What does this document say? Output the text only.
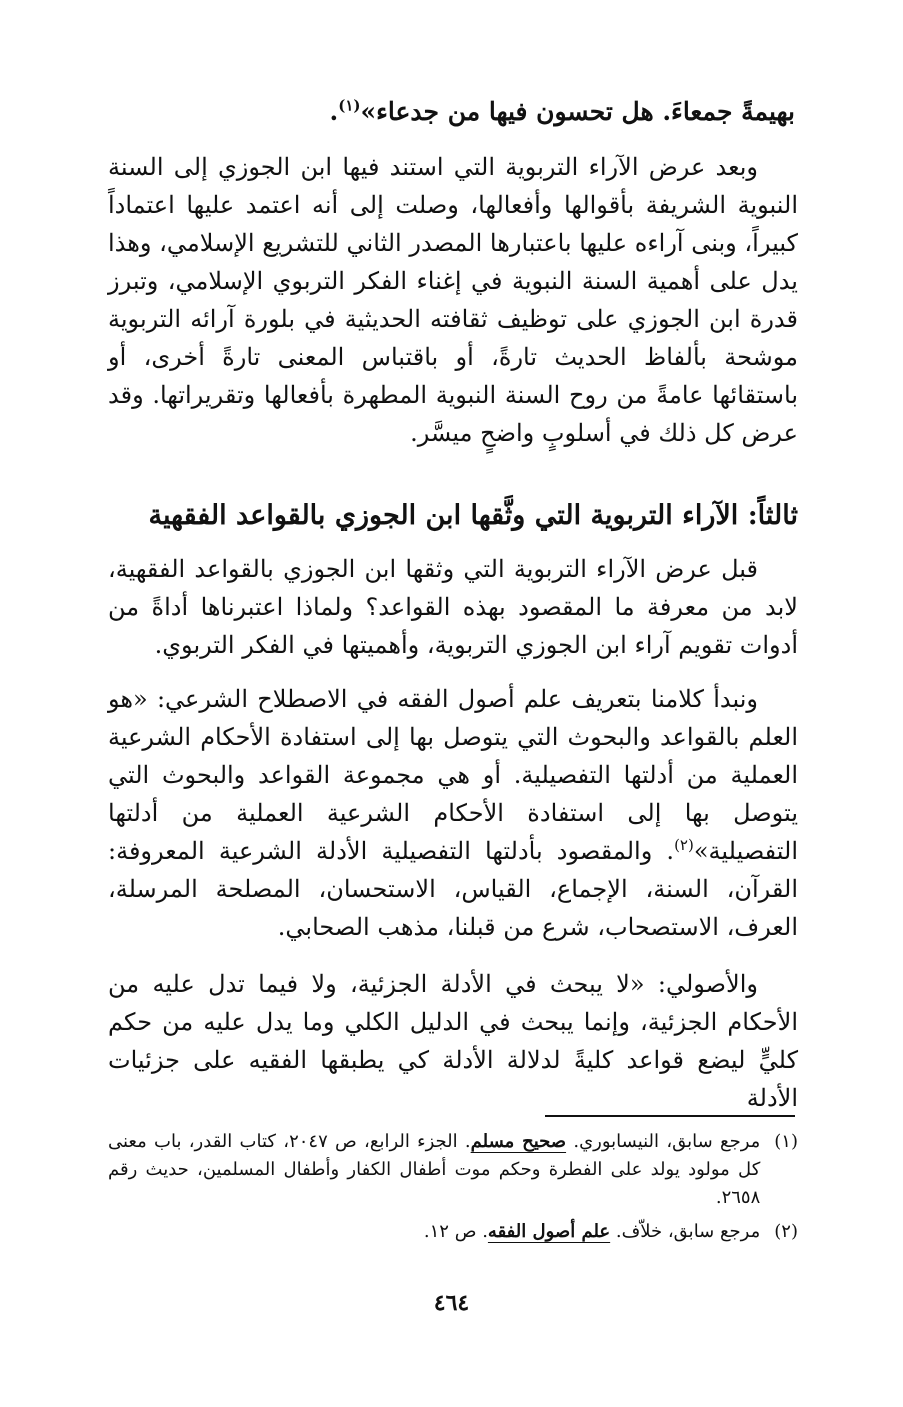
بهيمةً جمعاءَ. هل تحسون فيها من جدعاء»$^{(١)}$.

وبعد عرض الآراء التربوية التي استند فيها ابن الجوزي إلى السنة النبوية الشريفة بأقوالها وأفعالها، وصلت إلى أنه اعتمد عليها اعتماداً كبيراً، وبنى آراءه عليها باعتبارها المصدر الثاني للتشريع الإسلامي، وهذا يدل على أهمية السنة النبوية في إغناء الفكر التربوي الإسلامي، وتبرز قدرة ابن الجوزي على توظيف ثقافته الحديثية في بلورة آرائه التربوية موشحة بألفاظ الحديث تارةً، أو باقتباس المعنى تارةً أخرى، أو باستقائها عامةً من روح السنة النبوية المطهرة بأفعالها وتقريراتها. وقد عرض كل ذلك في أسلوبٍ واضحٍ ميسَّر.

ثالثاً: الآراء التربوية التي وثَّقها ابن الجوزي بالقواعد الفقهية

قبل عرض الآراء التربوية التي وثقها ابن الجوزي بالقواعد الفقهية، لابد من معرفة ما المقصود بهذه القواعد؟ ولماذا اعتبرناها أداةً من أدوات تقويم آراء ابن الجوزي التربوية، وأهميتها في الفكر التربوي.

ونبدأ كلامنا بتعريف علم أصول الفقه في الاصطلاح الشرعي: «هو العلم بالقواعد والبحوث التي يتوصل بها إلى استفادة الأحكام الشرعية العملية من أدلتها التفصيلية. أو هي مجموعة القواعد والبحوث التي يتوصل بها إلى استفادة الأحكام الشرعية العملية من أدلتها التفصيلية»$^{(٢)}$. والمقصود بأدلتها التفصيلية الأدلة الشرعية المعروفة: القرآن، السنة، الإجماع، القياس، الاستحسان، المصلحة المرسلة، العرف، الاستصحاب، شرع من قبلنا، مذهب الصحابي.

والأصولي: «لا يبحث في الأدلة الجزئية، ولا فيما تدل عليه من الأحكام الجزئية، وإنما يبحث في الدليل الكلي وما يدل عليه من حكم كليٍّ ليضع قواعد كليةً لدلالة الأدلة كي يطبقها الفقيه على جزئيات الأدلة

(١)
مرجع سابق، النيسابوري. صحيح مسلم. الجزء الرابع، ص ٢٠٤٧، كتاب القدر، باب معنى كل مولود يولد على الفطرة وحكم موت أطفال الكفار وأطفال المسلمين، حديث رقم ٢٦٥٨.
(٢)
مرجع سابق، خلاّف. علم أصول الفقه. ص ١٢.
٤٦٤
